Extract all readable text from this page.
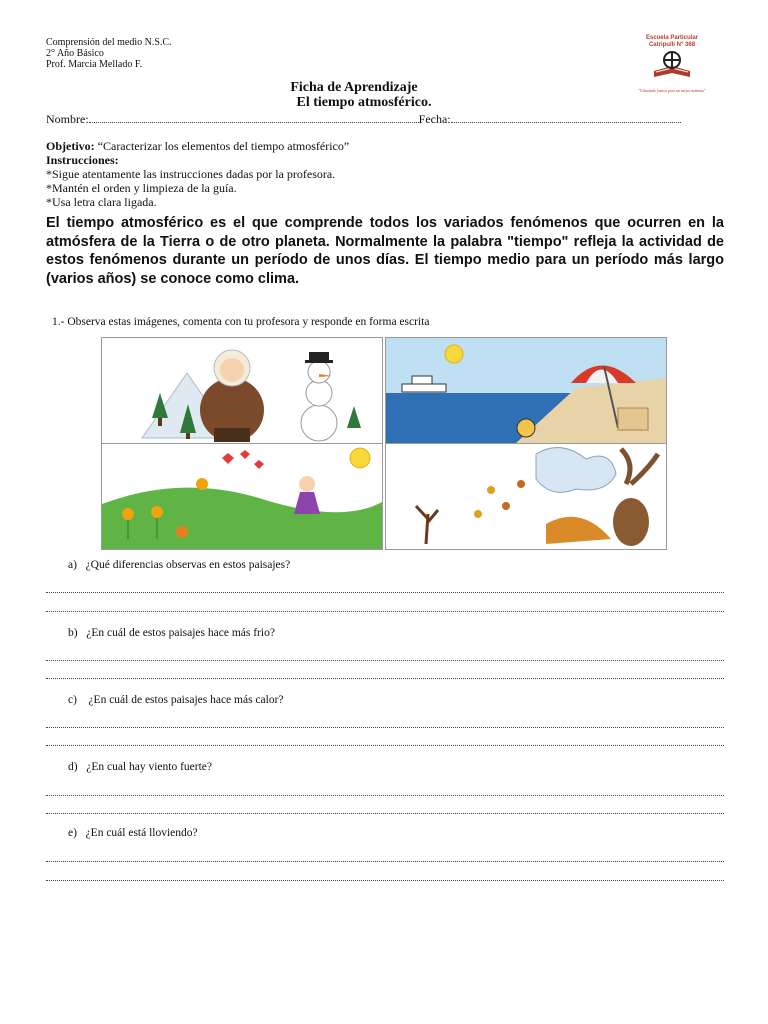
Comprensión del medio N.S.C.
2° Año Básico
Prof. Marcia Mellado F.
Escuela Particular
Catripulli N° 368
"Educando juntos para un mejor mañana"
Ficha de Aprendizaje
El tiempo atmosférico.
Nombre:	Fecha:
Objetivo: “Caracterizar los elementos del tiempo atmosférico”
Instrucciones:
*Sigue atentamente las instrucciones dadas por la profesora.
*Mantén el orden y limpieza de la guía.
*Usa letra clara ligada.
El tiempo atmosférico es el que comprende todos los variados fenómenos que ocurren en la atmósfera de la Tierra o de otro planeta. Normalmente la palabra "tiempo" refleja la actividad de estos fenómenos durante un período de unos días. El tiempo medio para un período más largo (varios años) se conoce como clima.
1.- Observa estas imágenes, comenta con tu profesora y responde en forma escrita
a) ¿Qué diferencias observas en estos paisajes?
b) ¿En cuál de estos paisajes hace más frio?
c)    ¿En cuál de estos paisajes hace más calor?
d) ¿En cual hay viento fuerte?
e) ¿En cuál está lloviendo?
